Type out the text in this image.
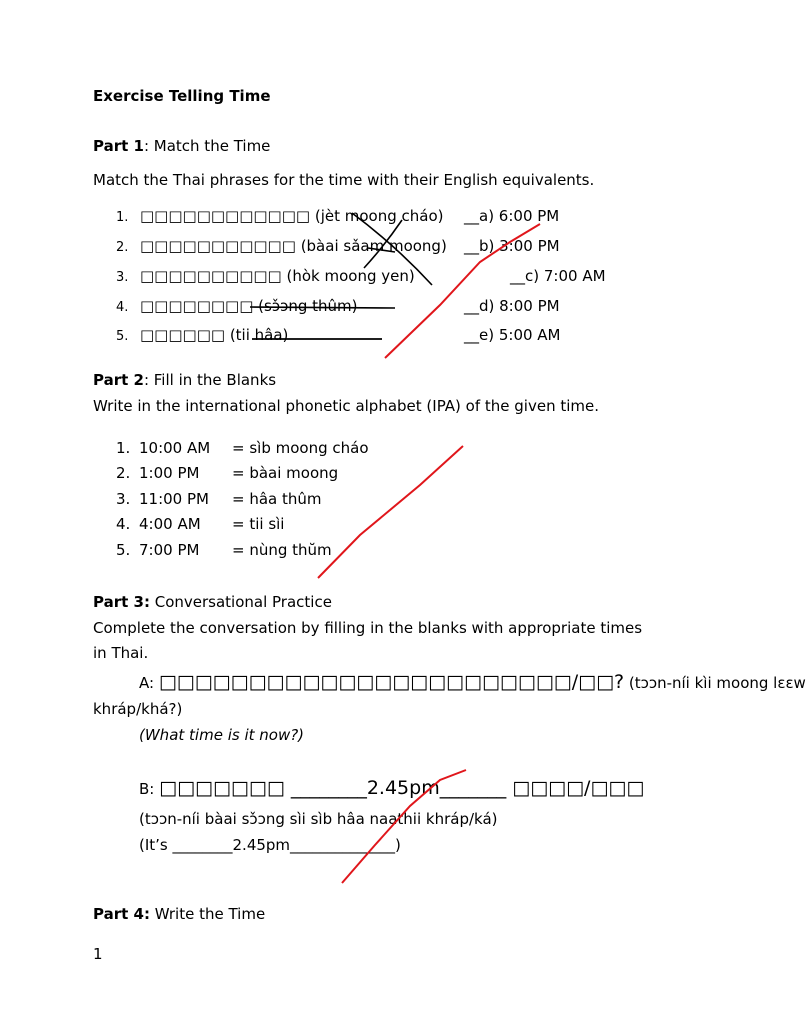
Exercise Telling Time
Part 1: Match the Time
Match the Thai phrases for the time with their English equivalents.
1. □□□□□□□□□□□□ (jèt moong cháo) __a) 6:00 PM
2. □□□□□□□□□□□ (bàai sǎam moong) __b) 3:00 PM
3. □□□□□□□□□□ (hòk moong yen)	__c) 7:00 AM
4. □□□□□□□□ (sɔ̌ɔng thûm)	__d) 8:00 PM
5. □□□□□□ (tii hâa)	__e) 5:00 AM
Part 2: Fill in the Blanks
Write in the international phonetic alphabet (IPA) of the given time.
1. 10:00 AM = sìb moong cháo
2. 1:00 PM = bàai moong
3. 11:00 PM = hâa thûm
4. 4:00 AM = tii sìi
5. 7:00 PM = nùng thŭm
Part 3: Conversational Practice
Complete the conversation by filling in the blanks with appropriate times
in Thai.
A: □□□□□□□□□□□□□□□□□□□□□□□/□□? (tɔɔn-níi kìi moong lɛɛw
khráp/khá?)
(What time is it now?)
B: □□□□□□□ ________2.45pm_______ □□□□/□□□
(tɔɔn-níi bàai sɔ̌ɔng sìi sìb hâa naathii khráp/ká)
(It’s ________2.45pm______________)
Part 4: Write the Time
1
